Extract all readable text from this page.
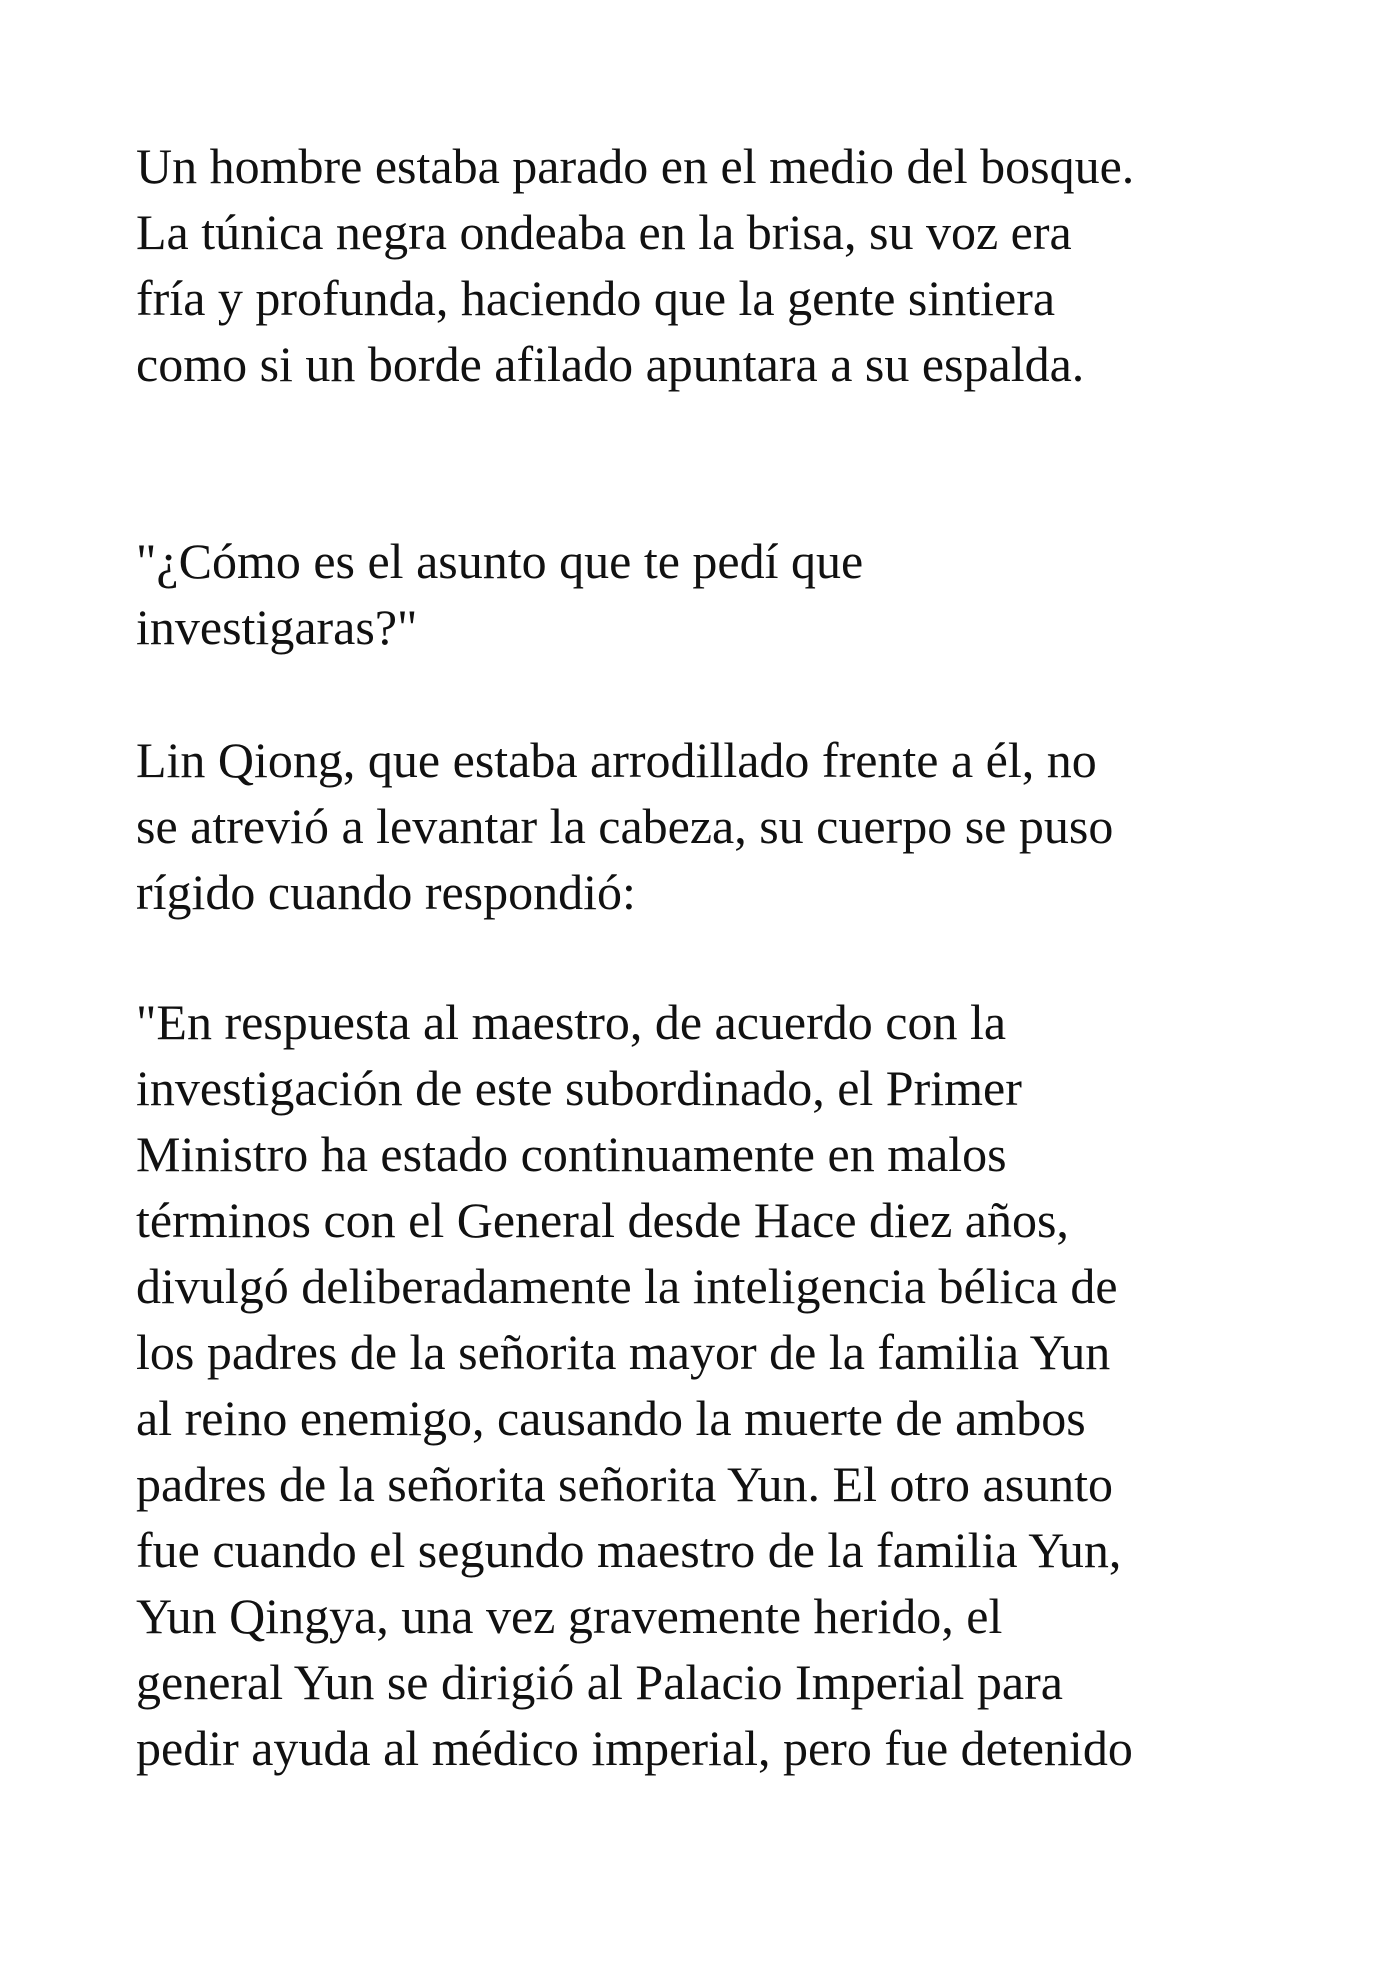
Un hombre estaba parado en el medio del bosque.
La túnica negra ondeaba en la brisa, su voz era
fría y profunda, haciendo que la gente sintiera
como si un borde afilado apuntara a su espalda.

"¿Cómo es el asunto que te pedí que
investigaras?"

Lin Qiong, que estaba arrodillado frente a él, no
se atrevió a levantar la cabeza, su cuerpo se puso
rígido cuando respondió:

"En respuesta al maestro, de acuerdo con la
investigación de este subordinado, el Primer
Ministro ha estado continuamente en malos
términos con el General desde Hace diez años,
divulgó deliberadamente la inteligencia bélica de
los padres de la señorita mayor de la familia Yun
al reino enemigo, causando la muerte de ambos
padres de la señorita señorita Yun. El otro asunto
fue cuando el segundo maestro de la familia Yun,
Yun Qingya, una vez gravemente herido, el
general Yun se dirigió al Palacio Imperial para
pedir ayuda al médico imperial, pero fue detenido
